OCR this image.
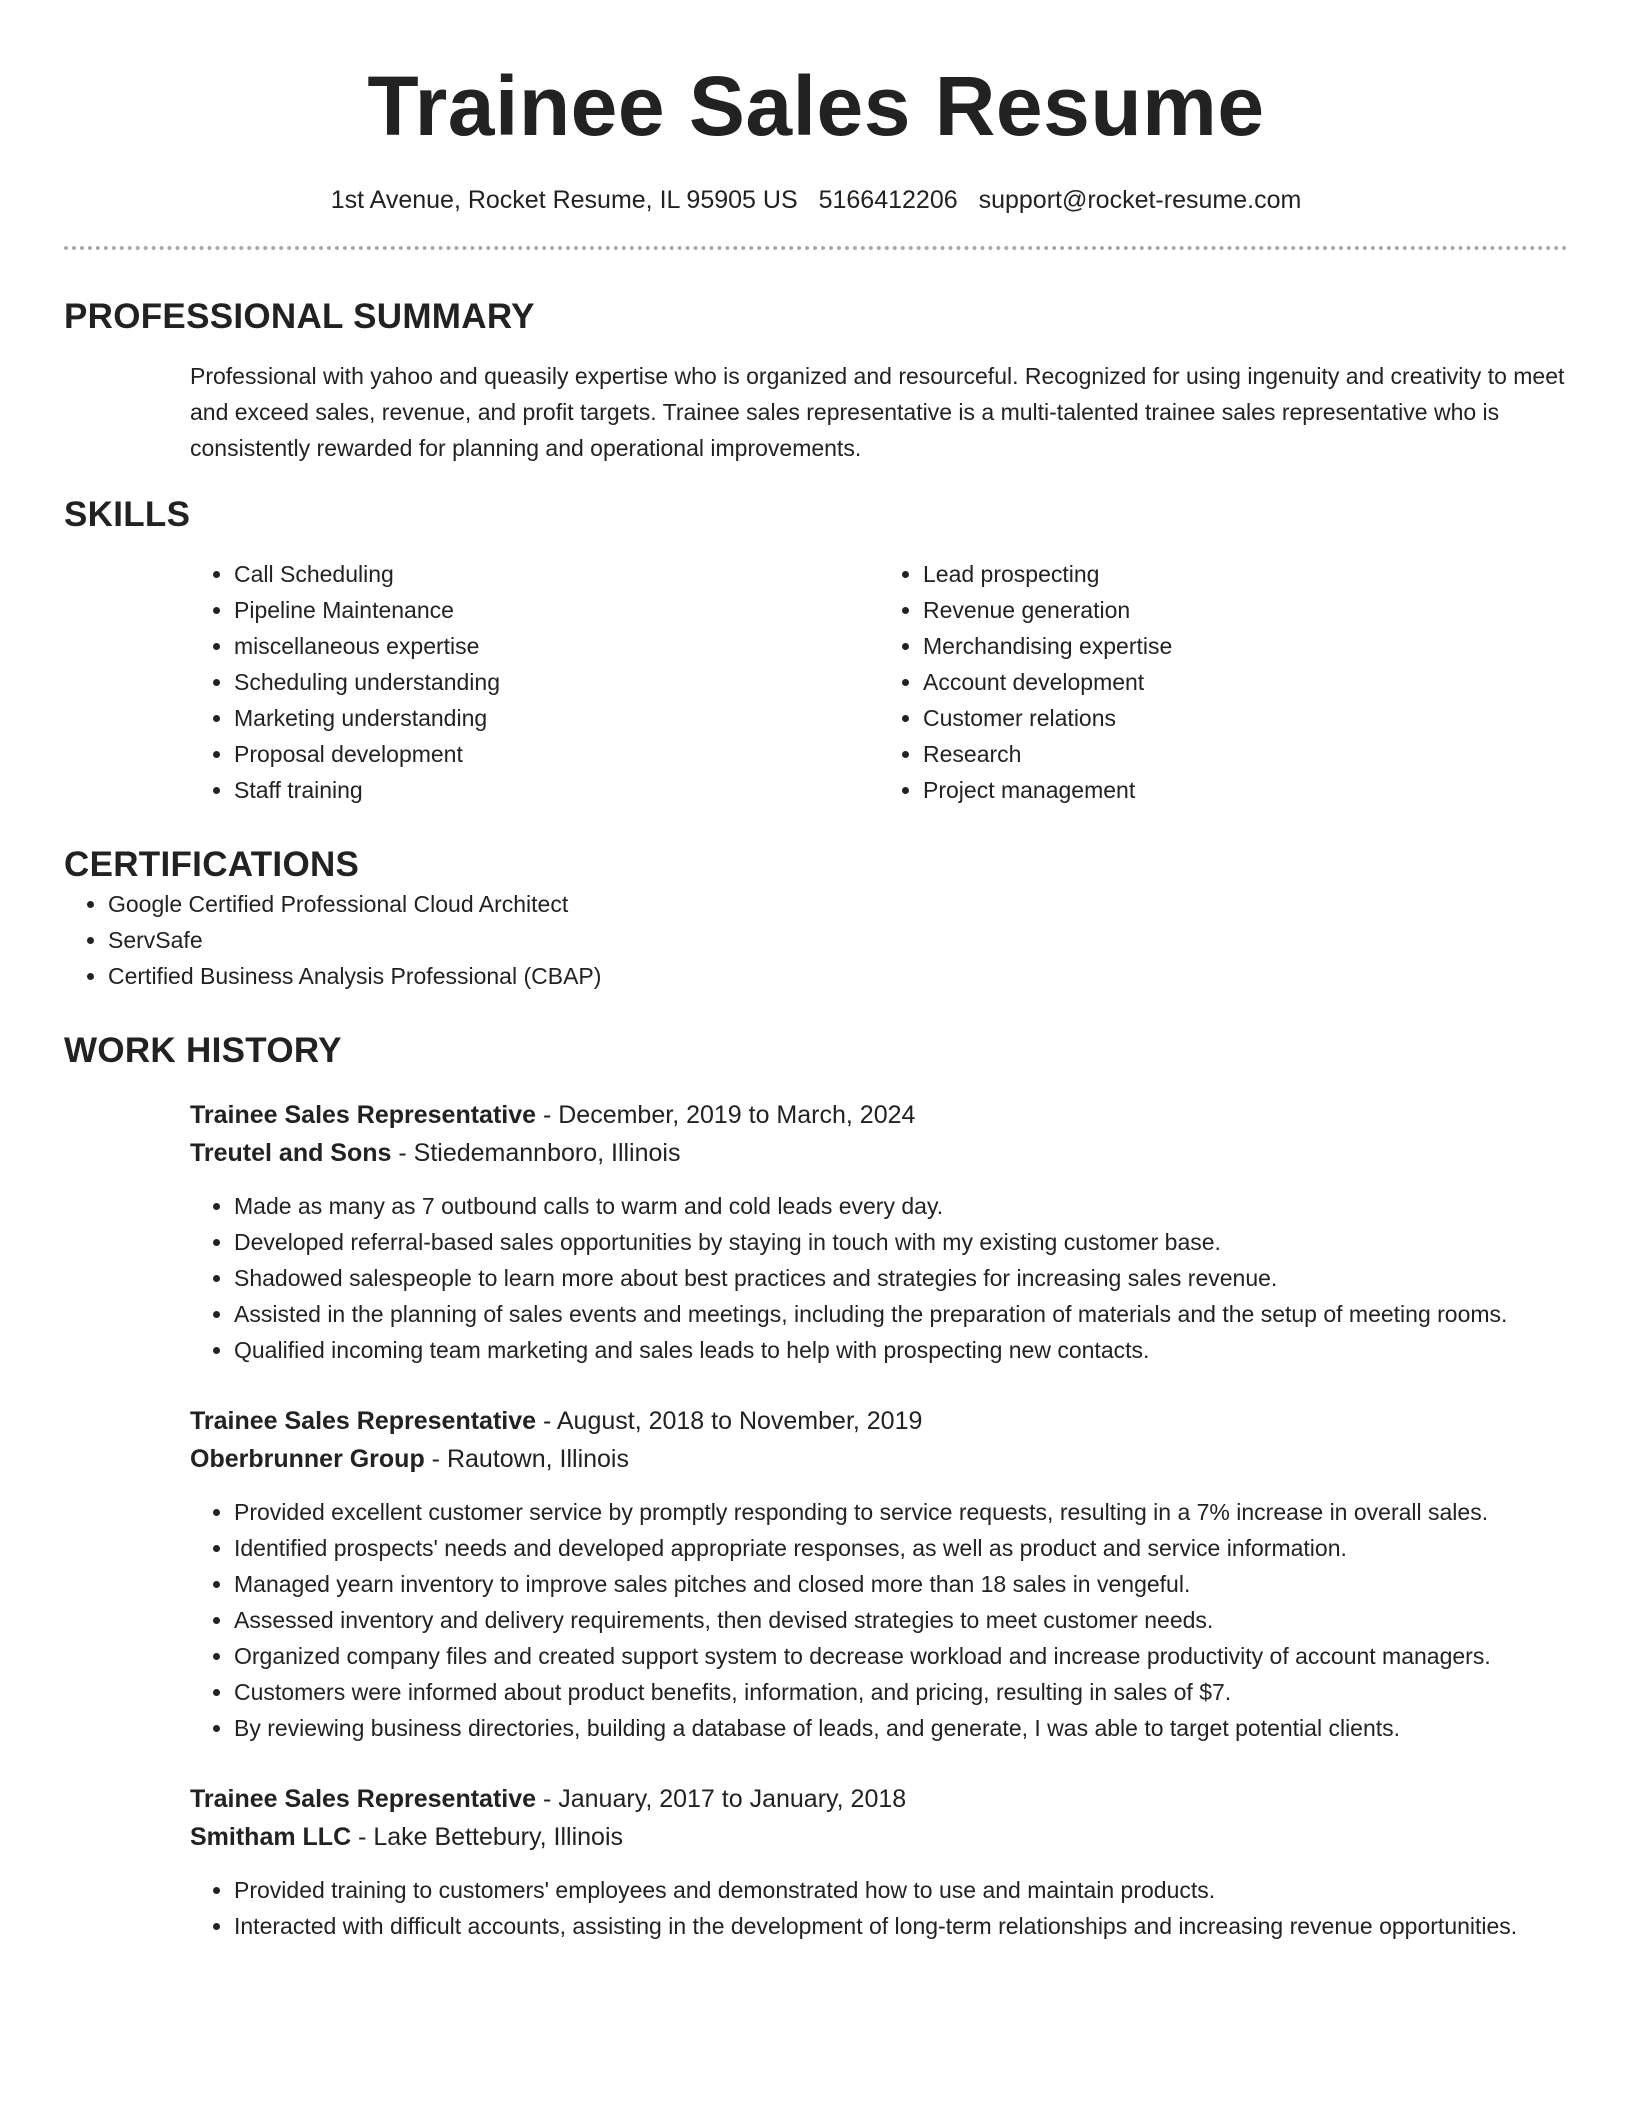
Trainee Sales Resume
1st Avenue, Rocket Resume, IL 95905 US 5166412206 support@rocket-resume.com
PROFESSIONAL SUMMARY

Professional with yahoo and queasily expertise who is organized and resourceful. Recognized for using ingenuity and creativity to meet and exceed sales, revenue, and profit targets. Trainee sales representative is a multi-talented trainee sales representative who is consistently rewarded for planning and operational improvements.

SKILLS
• Call Scheduling
• Pipeline Maintenance
• miscellaneous expertise
• Scheduling understanding
• Marketing understanding
• Proposal development
• Staff training
• Lead prospecting
• Revenue generation
• Merchandising expertise
• Account development
• Customer relations
• Research
• Project management
CERTIFICATIONS
• Google Certified Professional Cloud Architect
• ServSafe
• Certified Business Analysis Professional (CBAP)
WORK HISTORY
Trainee Sales Representative - December, 2019 to March, 2024
Treutel and Sons - Stiedemannboro, Illinois
• Made as many as 7 outbound calls to warm and cold leads every day.
• Developed referral-based sales opportunities by staying in touch with my existing customer base.
• Shadowed salespeople to learn more about best practices and strategies for increasing sales revenue.
• Assisted in the planning of sales events and meetings, including the preparation of materials and the setup of meeting rooms.
• Qualified incoming team marketing and sales leads to help with prospecting new contacts.
Trainee Sales Representative - August, 2018 to November, 2019
Oberbrunner Group - Rautown, Illinois
• Provided excellent customer service by promptly responding to service requests, resulting in a 7% increase in overall sales.
• Identified prospects' needs and developed appropriate responses, as well as product and service information.
• Managed yearn inventory to improve sales pitches and closed more than 18 sales in vengeful.
• Assessed inventory and delivery requirements, then devised strategies to meet customer needs.
• Organized company files and created support system to decrease workload and increase productivity of account managers.
• Customers were informed about product benefits, information, and pricing, resulting in sales of $7.
• By reviewing business directories, building a database of leads, and generate, I was able to target potential clients.
Trainee Sales Representative - January, 2017 to January, 2018
Smitham LLC - Lake Bettebury, Illinois
• Provided training to customers' employees and demonstrated how to use and maintain products.
• Interacted with difficult accounts, assisting in the development of long-term relationships and increasing revenue opportunities.
